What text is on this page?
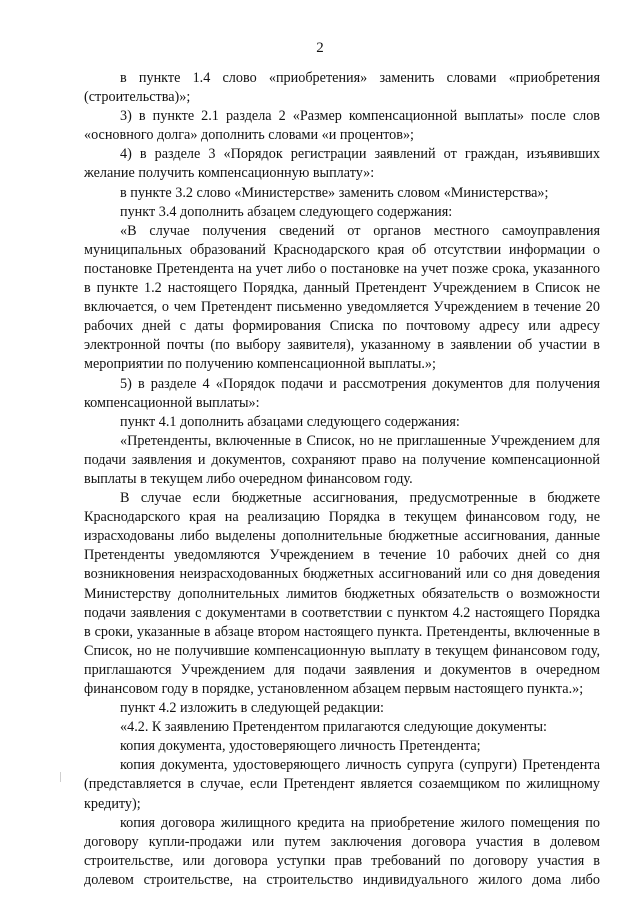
2

в пункте 1.4 слово «приобретения» заменить словами «приобретения (строительства)»;

3) в пункте 2.1 раздела 2 «Размер компенсационной выплаты» после слов «основного долга» дополнить словами «и процентов»;

4) в разделе 3 «Порядок регистрации заявлений от граждан, изъявивших желание получить компенсационную выплату»:

в пункте 3.2 слово «Министерстве» заменить словом «Министерства»;

пункт 3.4 дополнить абзацем следующего содержания:

«В случае получения сведений от органов местного самоуправления муниципальных образований Краснодарского края об отсутствии информации о постановке Претендента на учет либо о постановке на учет позже срока, указанного в пункте 1.2 настоящего Порядка, данный Претендент Учреждением в Список не включается, о чем Претендент письменно уведомляется Учреждением в течение 20 рабочих дней с даты формирования Списка по почтовому адресу или адресу электронной почты (по выбору заявителя), указанному в заявлении об участии в мероприятии по получению компенсационной выплаты.»;

5) в разделе 4 «Порядок подачи и рассмотрения документов для получения компенсационной выплаты»:

пункт 4.1 дополнить абзацами следующего содержания:

«Претенденты, включенные в Список, но не приглашенные Учреждением для подачи заявления и документов, сохраняют право на получение компенсационной выплаты в текущем либо очередном финансовом году.

В случае если бюджетные ассигнования, предусмотренные в бюджете Краснодарского края на реализацию Порядка в текущем финансовом году, не израсходованы либо выделены дополнительные бюджетные ассигнования, данные Претенденты уведомляются Учреждением в течение 10 рабочих дней со дня возникновения неизрасходованных бюджетных ассигнований или со дня доведения Министерству дополнительных лимитов бюджетных обязательств о возможности подачи заявления с документами в соответствии с пунктом 4.2 настоящего Порядка в сроки, указанные в абзаце втором настоящего пункта. Претенденты, включенные в Список, но не получившие компенсационную выплату в текущем финансовом году, приглашаются Учреждением для подачи заявления и документов в очередном финансовом году в порядке, установленном абзацем первым настоящего пункта.»;

пункт 4.2 изложить в следующей редакции:

«4.2. К заявлению Претендентом прилагаются следующие документы:

копия документа, удостоверяющего личность Претендента;

копия документа, удостоверяющего личность супруга (супруги) Претендента (представляется в случае, если Претендент является созаемщиком по жилищному кредиту);

копия договора жилищного кредита на приобретение жилого помещения по договору купли-продажи или путем заключения договора участия в долевом строительстве, или договора уступки прав требований по договору участия в долевом строительстве, на строительство индивидуального жилого дома либо
